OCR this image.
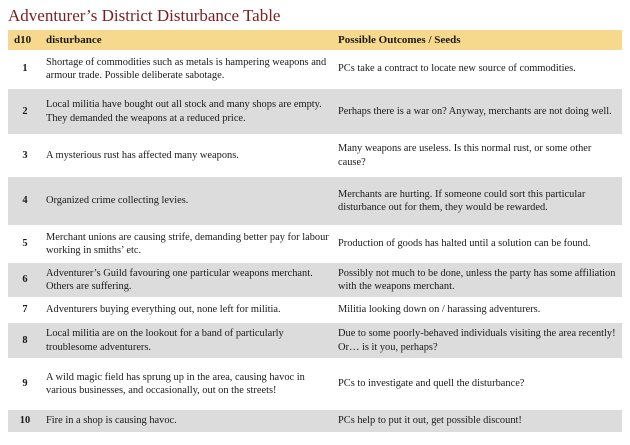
Adventurer’s District Disturbance Table
d10	disturbance	Possible Outcomes / Seeds
1	Shortage of commodities such as metals is hampering weapons and armour trade. Possible deliberate sabotage.	PCs take a contract to locate new source of commodities.
2	Local militia have bought out all stock and many shops are empty. They demanded the weapons at a reduced price.	Perhaps there is a war on? Anyway, merchants are not doing well.
3	A mysterious rust has affected many weapons.	Many weapons are useless. Is this normal rust, or some other cause?
4	Organized crime collecting levies.	Merchants are hurting. If someone could sort this particular disturbance out for them, they would be rewarded.
5	Merchant unions are causing strife, demanding better pay for labour working in smiths’ etc.	Production of goods has halted until a solution can be found.
6	Adventurer’s Guild favouring one particular weapons merchant. Others are suffering.	Possibly not much to be done, unless the party has some affiliation with the weapons merchant.
7	Adventurers buying everything out, none left for militia.	Militia looking down on / harassing adventurers.
8	Local militia are on the lookout for a band of particularly troublesome adventurers.	Due to some poorly-behaved individuals visiting the area recently! Or… is it you, perhaps?
9	A wild magic field has sprung up in the area, causing havoc in various businesses, and occasionally, out on the streets!	PCs to investigate and quell the disturbance?
10	Fire in a shop is causing havoc.	PCs help to put it out, get possible discount!
